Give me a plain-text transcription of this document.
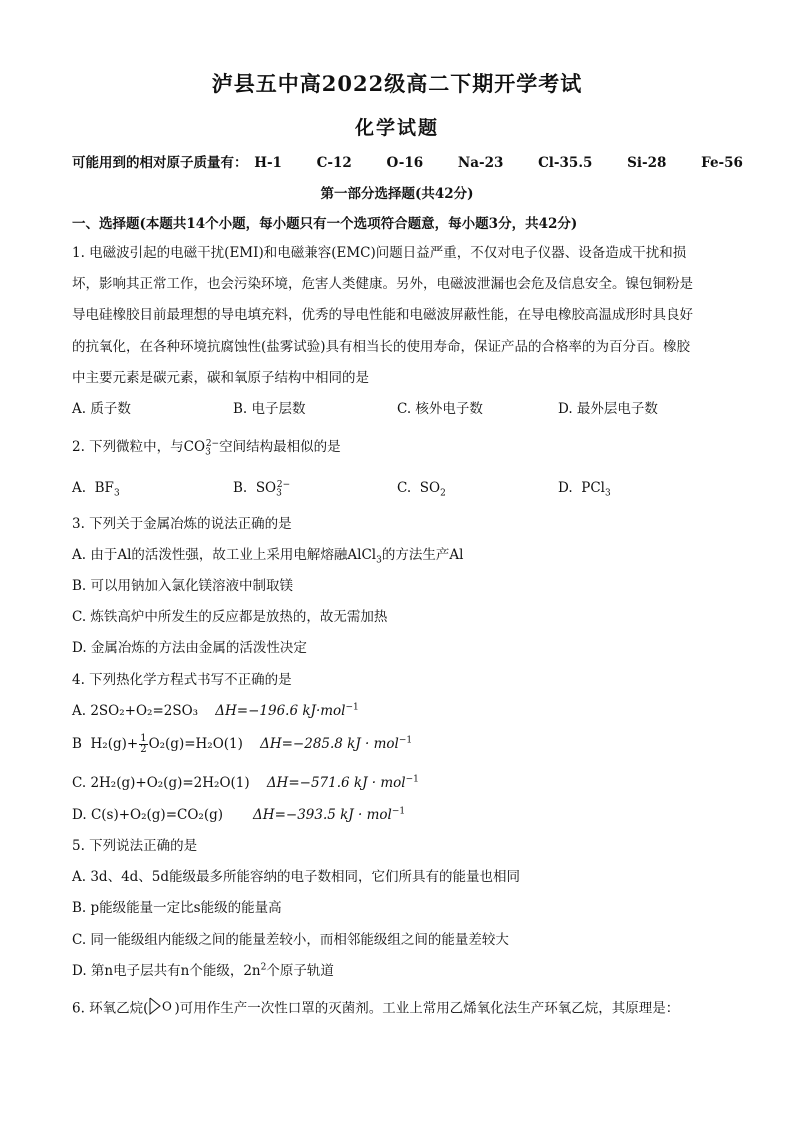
泸县五中高2022级高二下期开学考试
化学试题
可能用到的相对原子质量有： H-1	C-12	O-16	Na-23	Cl-35.5	Si-28	Fe-56
第一部分选择题(共42分)
一、选择题(本题共14个小题，每小题只有一个选项符合题意，每小题3分，共42分)
1. 电磁波引起的电磁干扰(EMI)和电磁兼容(EMC)问题日益严重，不仅对电子仪器、设备造成干扰和损
坏，影响其正常工作，也会污染环境，危害人类健康。另外，电磁波泄漏也会危及信息安全。镍包铜粉是
导电硅橡胶目前最理想的导电填充料，优秀的导电性能和电磁波屏蔽性能，在导电橡胶高温成形时具良好
的抗氧化，在各种环境抗腐蚀性(盐雾试验)具有相当长的使用寿命，保证产品的合格率的为百分百。橡胶
中主要元素是碳元素，碳和氧原子结构中相同的是
A. 质子数	B. 电子层数	C. 核外电子数	D. 最外层电子数
2. 下列微粒中，与$CO_3^{2-}$空间结构最相似的是
A. $BF_3$	B. $SO_3^{2-}$	C. $SO_2$	D. PCl$_3$
3. 下列关于金属冶炼的说法正确的是
A. 由于Al的活泼性强，故工业上采用电解熔融AlCl$_3$的方法生产Al
B. 可以用钠加入氯化镁溶液中制取镁
C. 炼铁高炉中所发生的反应都是放热的，故无需加热
D. 金属冶炼的方法由金属的活泼性决定
4. 下列热化学方程式书写不正确的是
A. 2SO₂+O₂=2SO₃ ΔH=−196.6 kJ·mol$^{-1}$
B  $H_2(g)+ \frac{1}{2} O_2(g)=H_2O(1)$ ΔH=−285.8 kJ · mol$^{-1}$
C. 2H₂(g)+O₂(g)=2H₂O(1) ΔH=−571.6 kJ · mol$^{-1}$
D. C(s)+O₂(g)=CO₂(g) ΔH=−393.5 kJ · mol$^{-1}$
5. 下列说法正确的是
A. 3d、4d、5d能级最多所能容纳的电子数相同，它们所具有的能量也相同
B. p能级能量一定比s能级的能量高
C. 同一能级组内能级之间的能量差较小，而相邻能级组之间的能量差较大
D. 第n电子层共有n个能级，$2n^2$个原子轨道
6. 环氧乙烷( O )可用作生产一次性口罩的灭菌剂。工业上常用乙烯氧化法生产环氧乙烷，其原理是：
